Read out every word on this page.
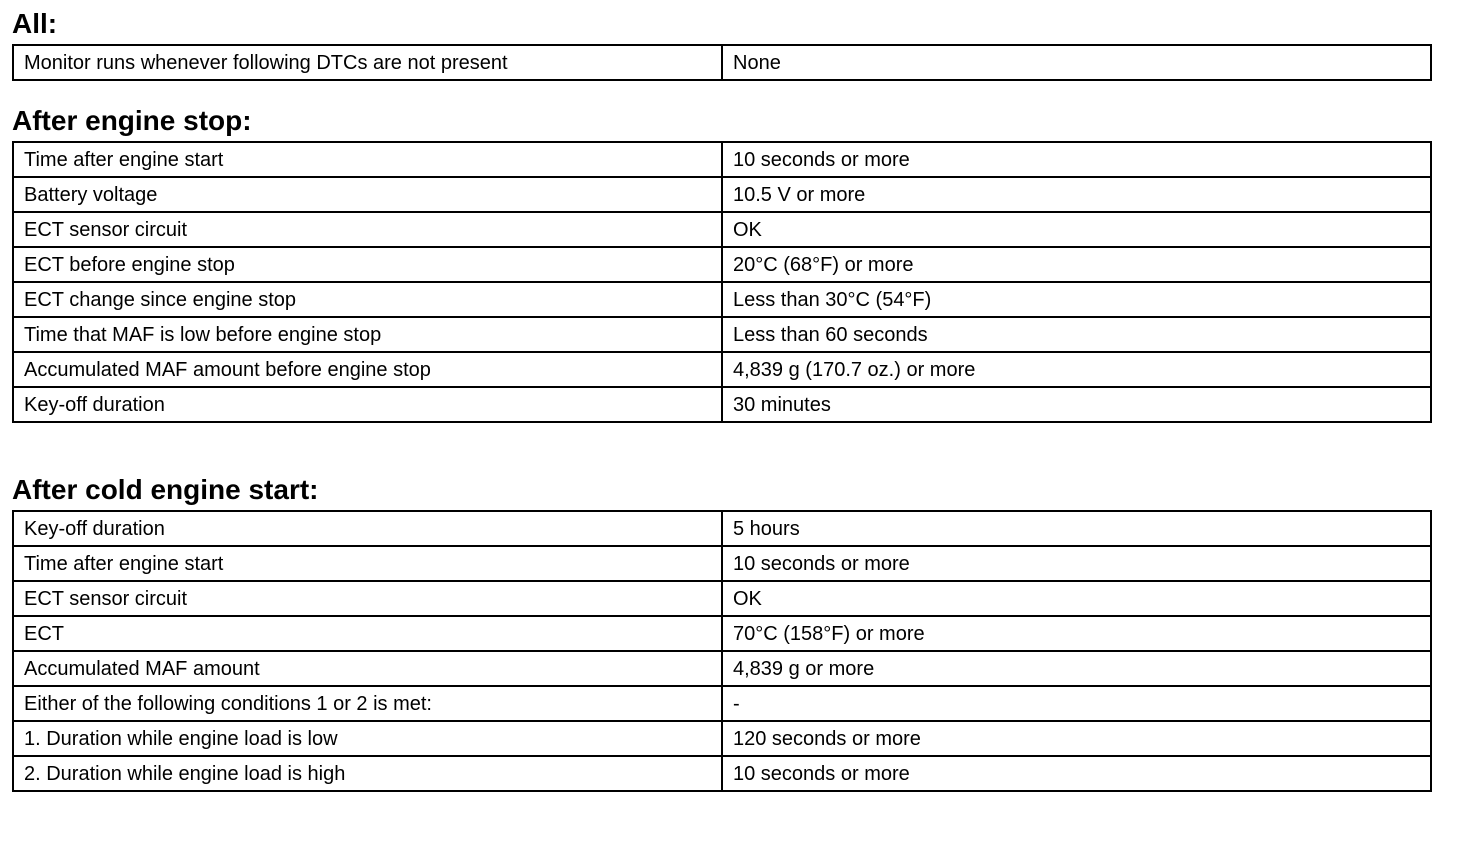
All:
Monitor runs whenever following DTCs are not present	None
After engine stop:
Time after engine start	10 seconds or more
Battery voltage	10.5 V or more
ECT sensor circuit	OK
ECT before engine stop	20°C (68°F) or more
ECT change since engine stop	Less than 30°C (54°F)
Time that MAF is low before engine stop	Less than 60 seconds
Accumulated MAF amount before engine stop	4,839 g (170.7 oz.) or more
Key-off duration	30 minutes
After cold engine start:
Key-off duration	5 hours
Time after engine start	10 seconds or more
ECT sensor circuit	OK
ECT	70°C (158°F) or more
Accumulated MAF amount	4,839 g or more
Either of the following conditions 1 or 2 is met:	-
1. Duration while engine load is low	120 seconds or more
2. Duration while engine load is high	10 seconds or more
